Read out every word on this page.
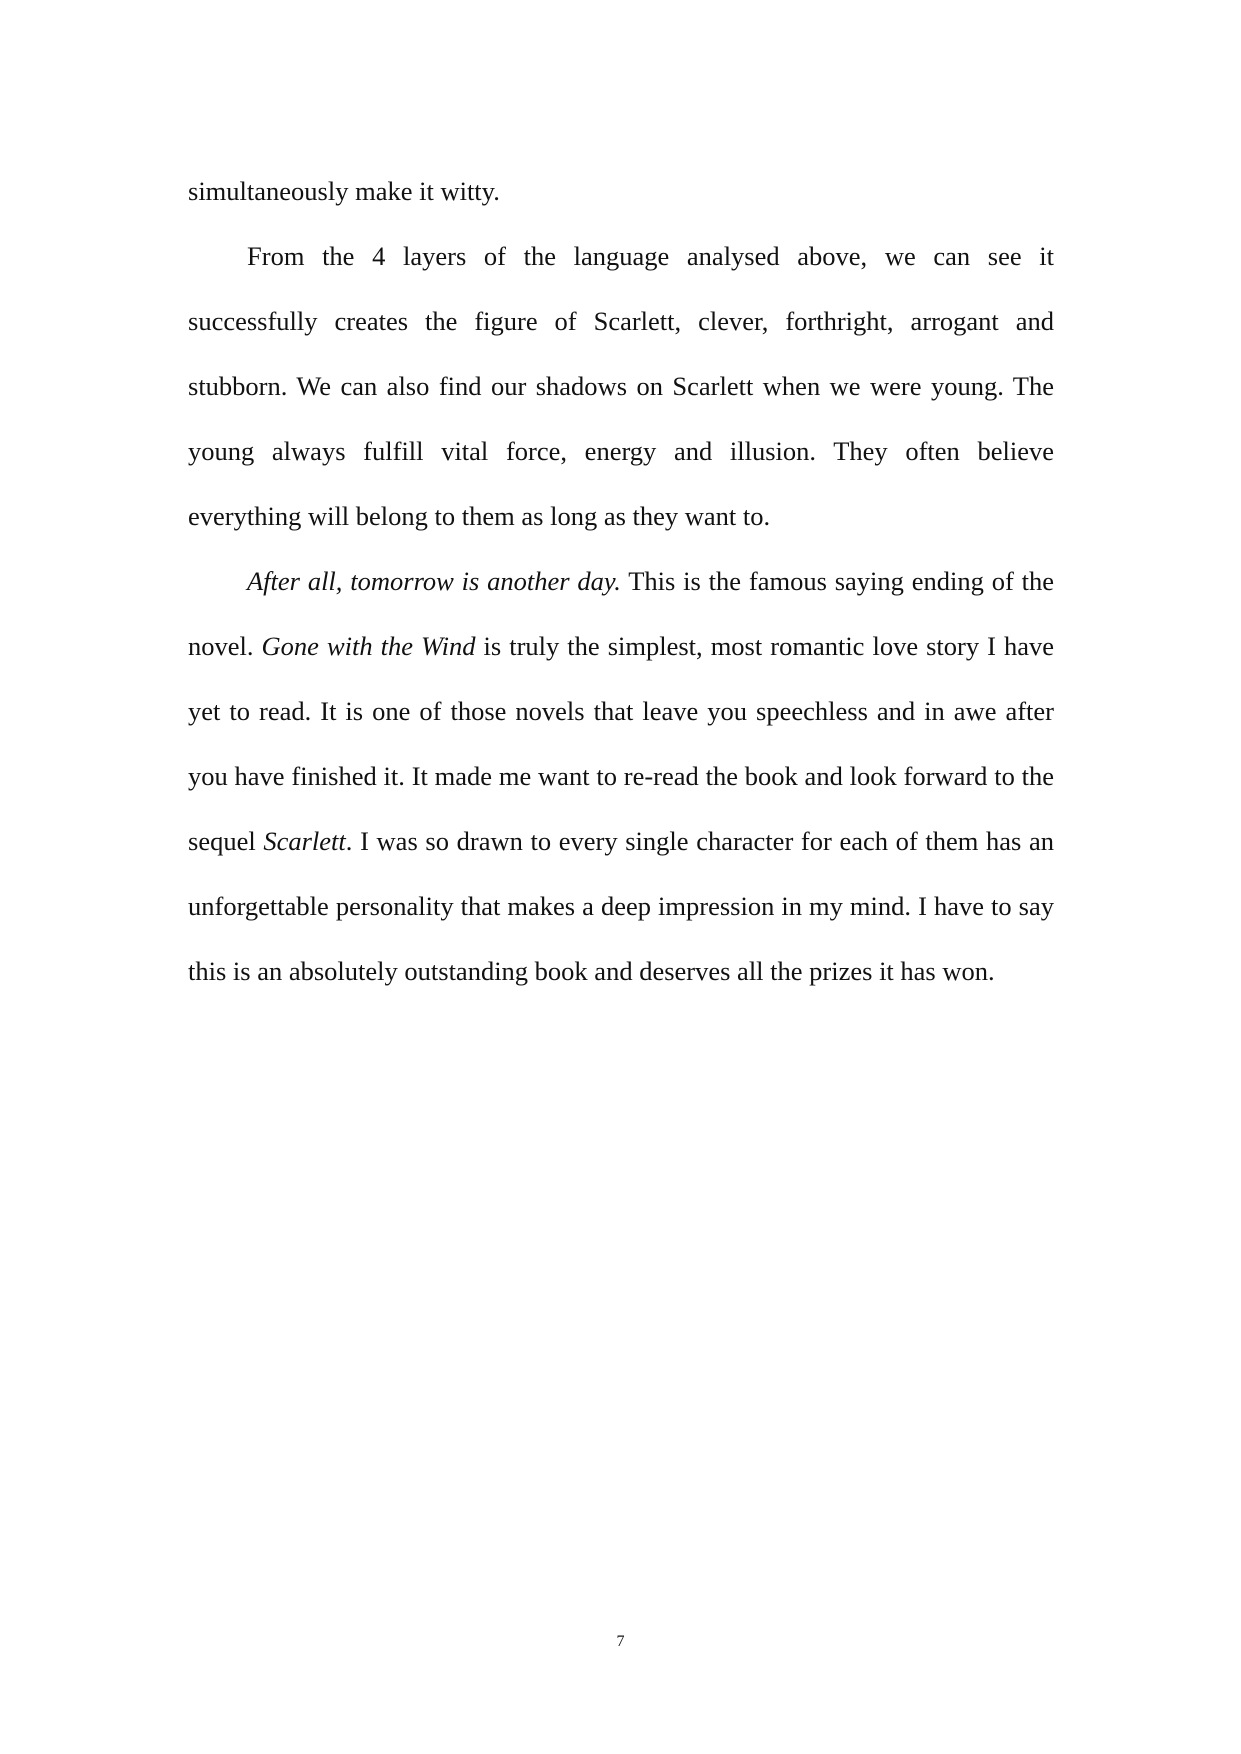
simultaneously make it witty.

From the 4 layers of the language analysed above, we can see it successfully creates the figure of Scarlett, clever, forthright, arrogant and stubborn. We can also find our shadows on Scarlett when we were young. The young always fulfill vital force, energy and illusion. They often believe everything will belong to them as long as they want to.

After all, tomorrow is another day. This is the famous saying ending of the novel. Gone with the Wind is truly the simplest, most romantic love story I have yet to read. It is one of those novels that leave you speechless and in awe after you have finished it. It made me want to re-read the book and look forward to the sequel Scarlett. I was so drawn to every single character for each of them has an unforgettable personality that makes a deep impression in my mind. I have to say this is an absolutely outstanding book and deserves all the prizes it has won.

7
